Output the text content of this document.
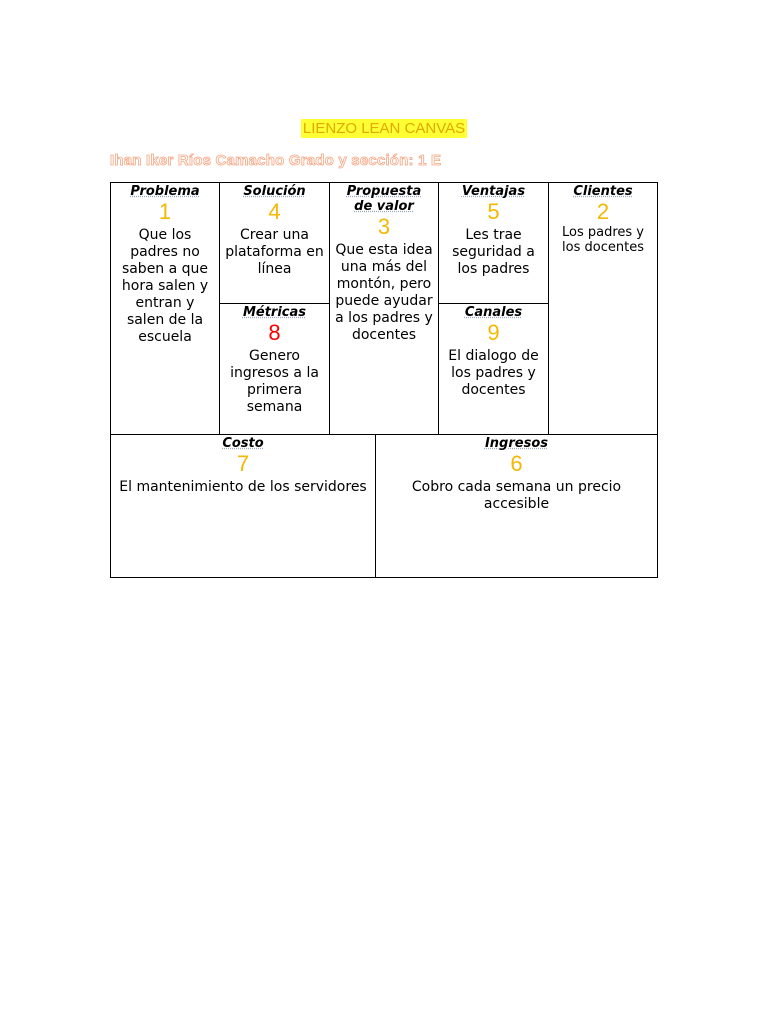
LIENZO LEAN CANVAS
Ihan Iker Ríos Camacho Grado y sección: 1 E
Problema
1
Que los padres no saben a que hora salen y entran y salen de la escuela
Solución
4
Crear una plataforma en línea
Métricas
8
Genero ingresos a la primera semana
Propuesta de valor
3
Que esta idea una más del montón, pero puede ayudar a los padres y docentes
Ventajas
5
Les trae seguridad a los padres
Canales
9
El dialogo de los padres y docentes
Clientes
2
Los padres y los docentes
Costo
7
El mantenimiento de los servidores
Ingresos
6
Cobro cada semana un precio accesible
